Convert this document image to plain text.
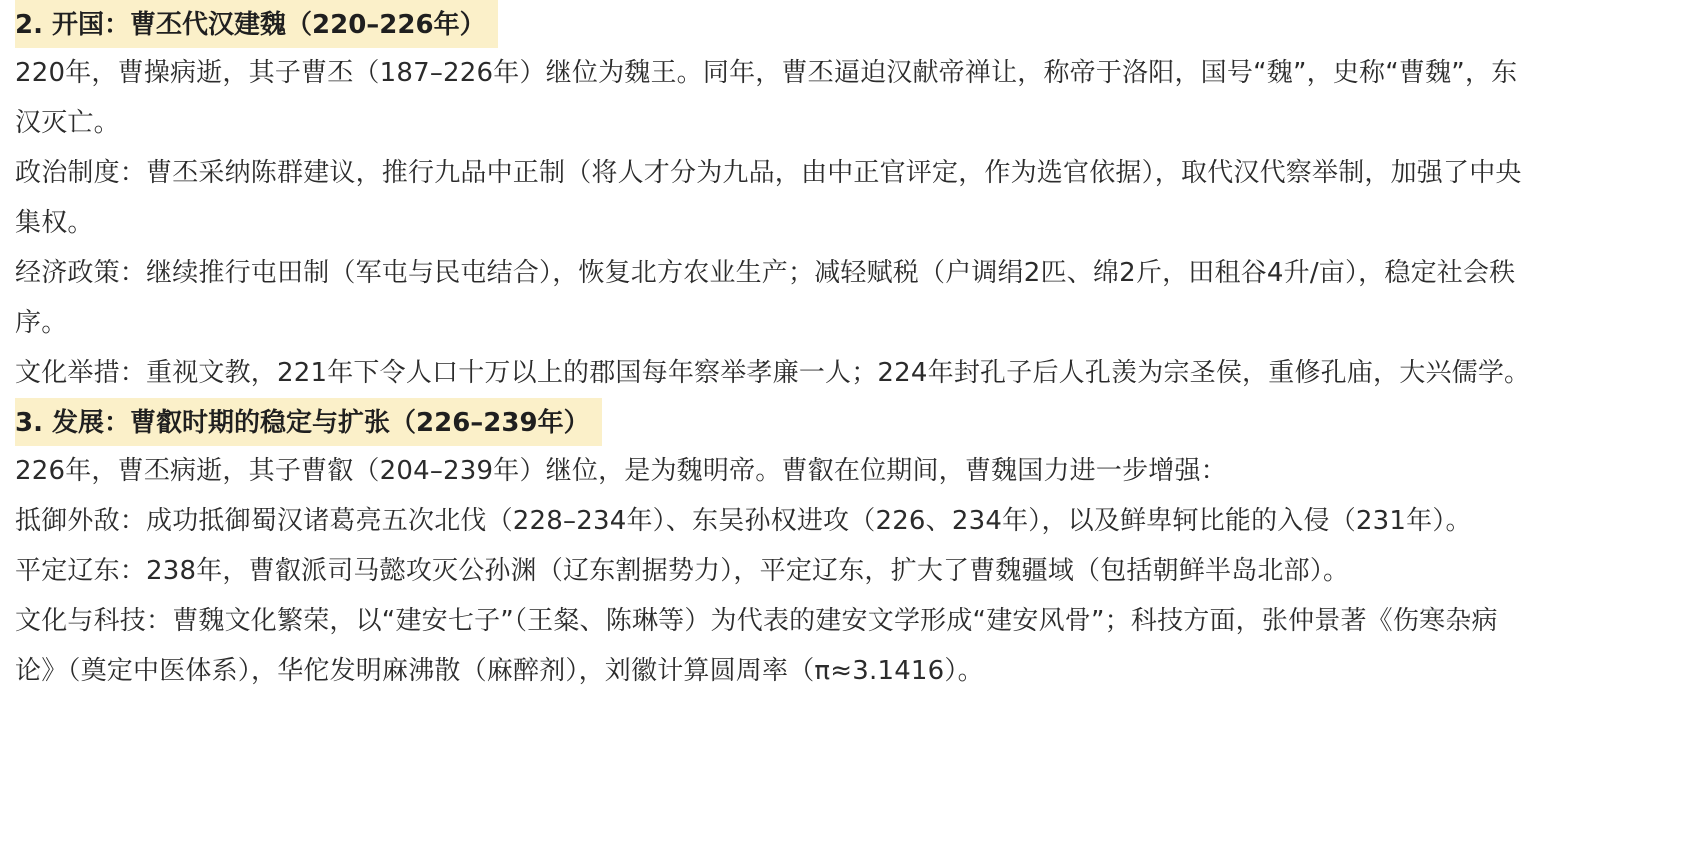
2. 开国：曹丕代汉建魏（220–226年）

220年，曹操病逝，其子曹丕（187–226年）继位为魏王。同年，曹丕逼迫汉献帝禅让，称帝于洛阳，国号“魏”，史称“曹魏”，东汉灭亡。

政治制度：曹丕采纳陈群建议，推行九品中正制（将人才分为九品，由中正官评定，作为选官依据），取代汉代察举制，加强了中央集权。

经济政策：继续推行屯田制（军屯与民屯结合），恢复北方农业生产；减轻赋税（户调绢2匹、绵2斤，田租谷4升/亩），稳定社会秩序。

文化举措：重视文教，221年下令人口十万以上的郡国每年察举孝廉一人；224年封孔子后人孔羡为宗圣侯，重修孔庙，大兴儒学。

3. 发展：曹叡时期的稳定与扩张（226–239年）

226年，曹丕病逝，其子曹叡（204–239年）继位，是为魏明帝。曹叡在位期间，曹魏国力进一步增强：

抵御外敌：成功抵御蜀汉诸葛亮五次北伐（228–234年）、东吴孙权进攻（226、234年），以及鲜卑轲比能的入侵（231年）。

平定辽东：238年，曹叡派司马懿攻灭公孙渊（辽东割据势力），平定辽东，扩大了曹魏疆域（包括朝鲜半岛北部）。

文化与科技：曹魏文化繁荣，以“建安七子”（王粲、陈琳等）为代表的建安文学形成“建安风骨”；科技方面，张仲景著《伤寒杂病论》（奠定中医体系），华佗发明麻沸散（麻醉剂），刘徽计算圆周率（π≈3.1416）。
